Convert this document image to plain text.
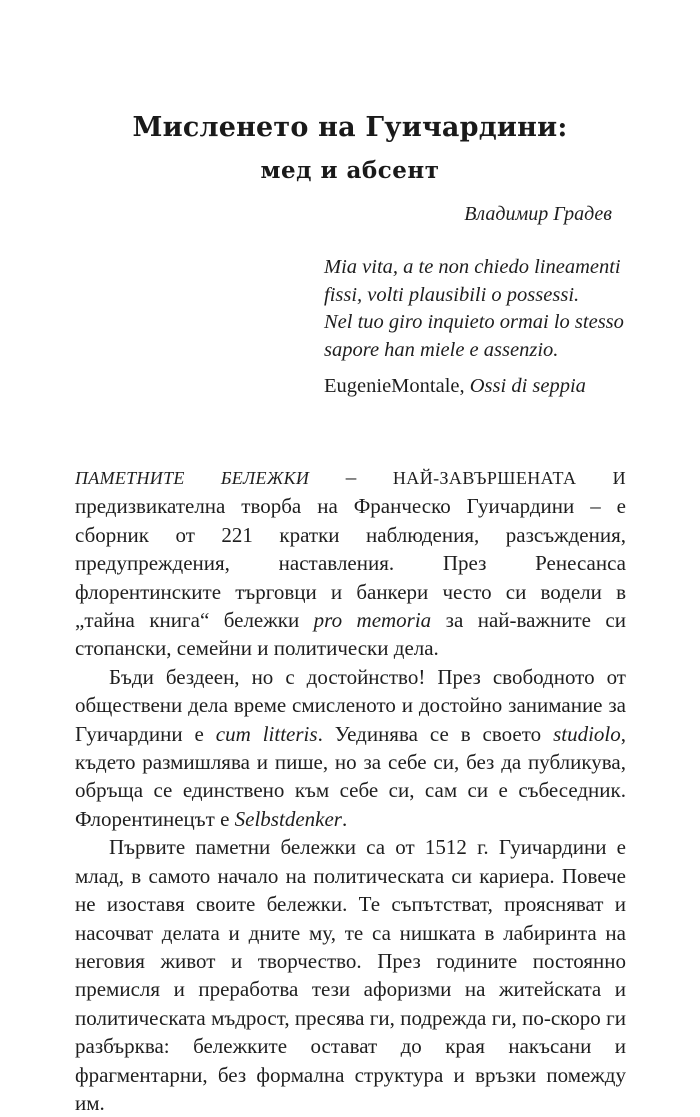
Мисленето на Гуичардини:
мед и абсент
Владимир Градев
Mia vita, a te non chiedo lineamenti
fissi, volti plausibili o possessi.
Nel tuo giro inquieto ormai lo stesso
sapore han miele e assenzio.
EugenieMontale, Ossi di seppia

ПАМЕТНИТЕ БЕЛЕЖКИ – НАЙ-ЗАВЪРШЕНАТА И предизвикателна творба на Франческо Гуичардини – е сборник от 221 кратки наблюдения, разсъждения, предупреждения, наставления. През Ренесанса флорентинските търговци и банкери често си водели в „тайна книга“ бележки pro memoria за най-важните си стопански, семейни и политически дела.

Бъди бездеен, но с достойнство! През свободното от обществени дела време смисленото и достойно занимание за Гуичардини е cum litteris. Уединява се в своето studiolo, където размишлява и пише, но за себе си, без да публикува, обръща се единствено към себе си, сам си е събеседник. Флорентинецът е Selbstdenker.

Първите паметни бележки са от 1512 г. Гуичардини е млад, в самото начало на политическата си кариера. Повече не изоставя своите бележки. Те съпътстват, проясняват и насочват делата и дните му, те са нишката в лабиринта на неговия живот и творчество. През годините постоянно премисля и преработва тези афоризми на житейската и политическата мъдрост, пресява ги, подрежда ги, по-скоро ги разбърква: бележките остават до края накъсани и фрагментарни, без формална структура и връзки помежду им.
